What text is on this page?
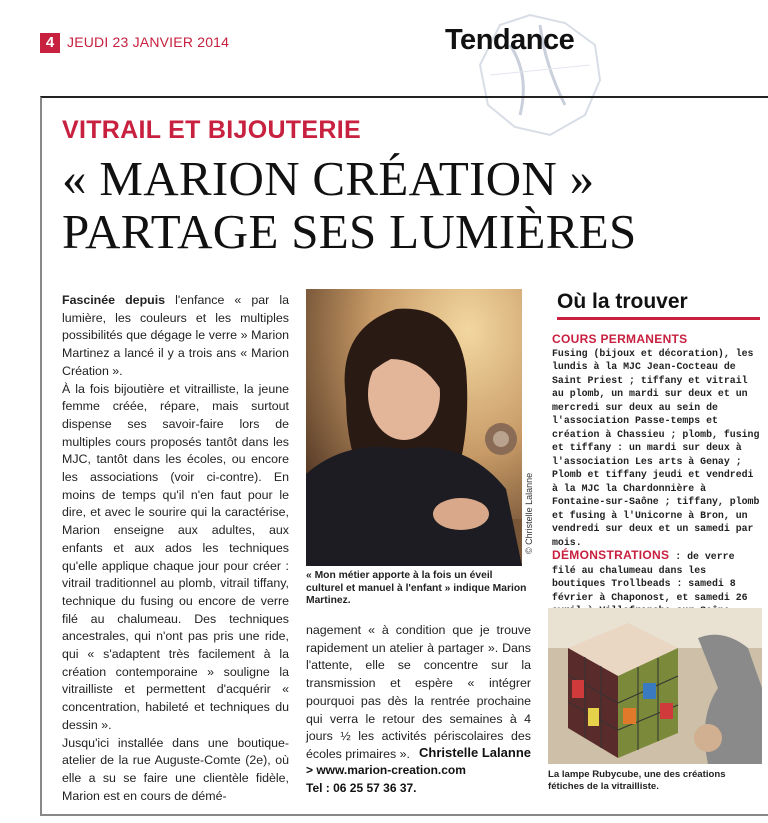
4 JEUDI 23 JANVIER 2014	Tendance
VITRAIL ET BIJOUTERIE
« MARION CRÉATION »
PARTAGE SES LUMIÈRES

Fascinée depuis l'enfance « par la lumière, les couleurs et les multiples possibilités que dégage le verre » Marion Martinez a lancé il y a trois ans « Marion Création ».

À la fois bijoutière et vitrailliste, la jeune femme créée, répare, mais surtout dispense ses savoir-faire lors de multiples cours proposés tantôt dans les MJC, tantôt dans les écoles, ou encore les associations (voir ci-contre). En moins de temps qu'il n'en faut pour le dire, et avec le sourire qui la caractérise, Marion enseigne aux adultes, aux enfants et aux ados les techniques qu'elle applique chaque jour pour créer : vitrail traditionnel au plomb, vitrail tiffany, technique du fusing ou encore de verre filé au chalumeau. Des techniques ancestrales, qui n'ont pas pris une ride, qui « s'adaptent très facilement à la création contemporaine » souligne la vitrailliste et permettent d'acquérir « concentration, habileté et techniques du dessin ».

Jusqu'ici installée dans une boutique-atelier de la rue Auguste-Comte (2e), où elle a su se faire une clientèle fidèle, Marion est en cours de démé-

© Christelle Lalanne
« Mon métier apporte à la fois un éveil culturel et manuel à l'enfant » indique Marion Martinez.

nagement « à condition que je trouve rapidement un atelier à partager ». Dans l'attente, elle se concentre sur la transmission et espère « intégrer pourquoi pas dès la rentrée prochaine qui verra le retour des semaines à 4 jours ½ les activités périscolaires des écoles primaires ». Christelle Lalanne
> www.marion-creation.com
Tel : 06 25 57 36 37.
Où la trouver

COURS PERMANENTS

Fusing (bijoux et décoration), les lundis à la MJC Jean-Cocteau de Saint Priest ; tiffany et vitrail au plomb, un mardi sur deux et un mercredi sur deux au sein de l'association Passe-temps et création à Chassieu ; plomb, fusing et tiffany : un mardi sur deux à l'association Les arts à Genay ; Plomb et tiffany jeudi et vendredi à la MJC la Chardonnière à Fontaine-sur-Saône ; tiffany, plomb et fusing à l'Unicorne à Bron, un vendredi sur deux et un samedi par mois.

DÉMONSTRATIONS : de verre filé au chalumeau dans les boutiques Trollbeads : samedi 8 février à Chaponost, et samedi 26

La lampe Rubycube, une des créations fétiches de la vitrailliste.
